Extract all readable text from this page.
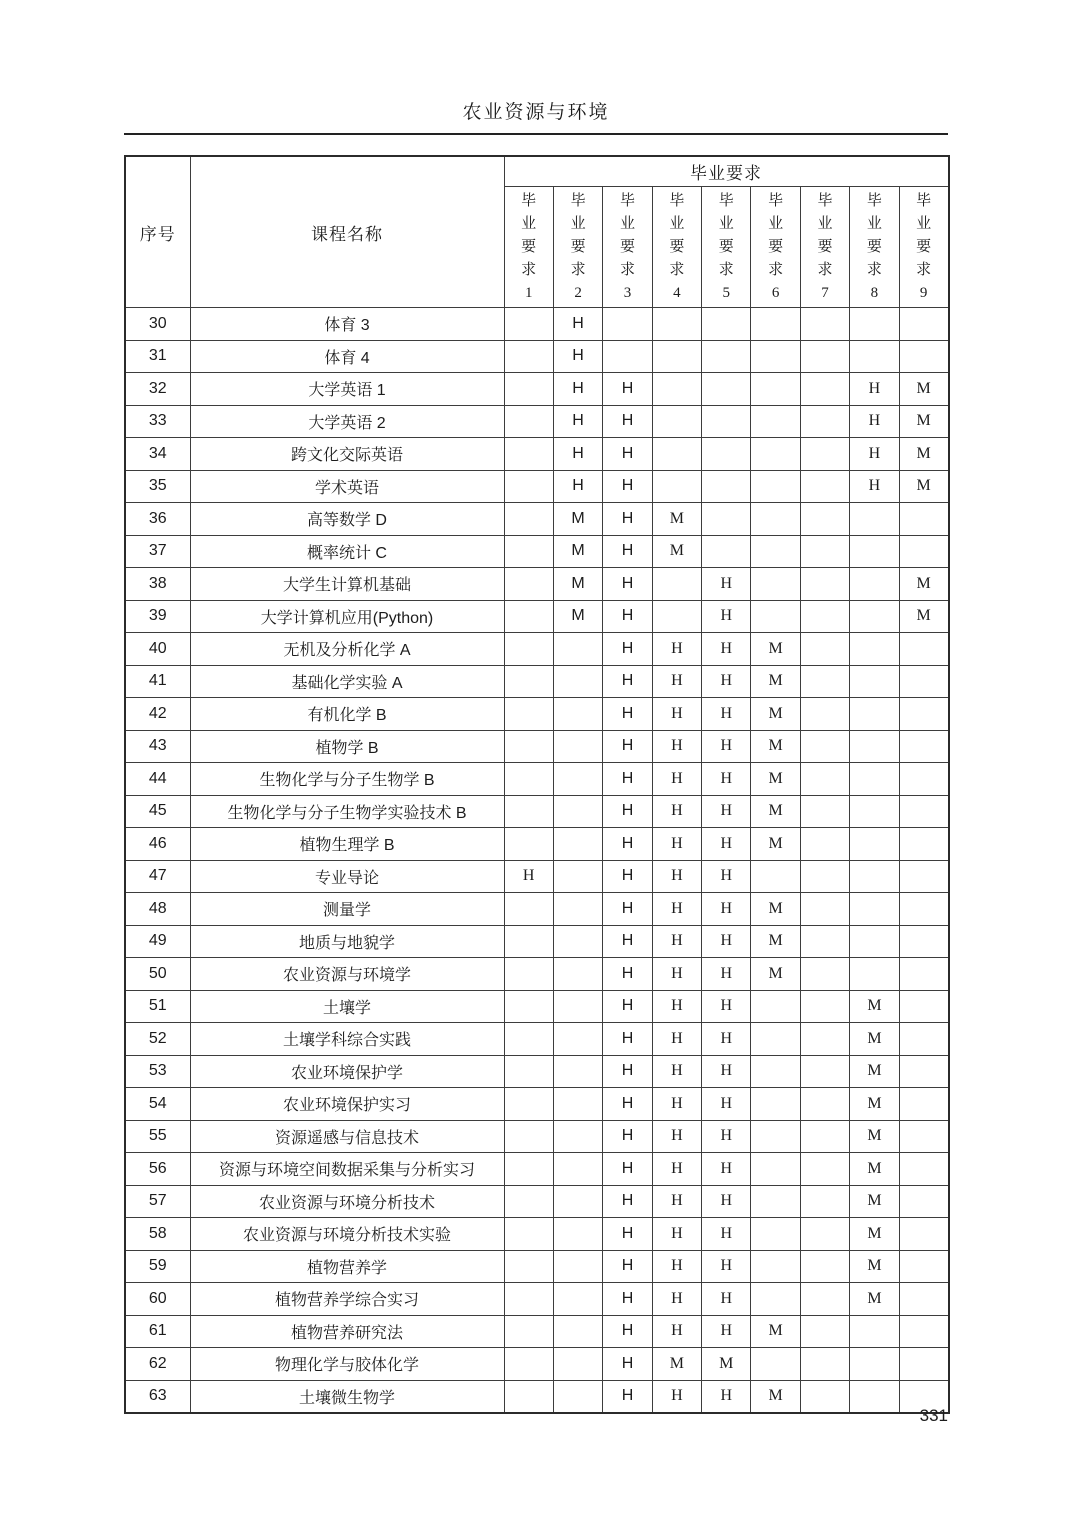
农业资源与环境
序号	课程名称	毕业要求								
		毕业要求1	毕业要求2	毕业要求3	毕业要求4	毕业要求5	毕业要求6	毕业要求7	毕业要求8	毕业要求9
30	体育 3		H							
31	体育 4		H							
32	大学英语 1		H	H					H	M
33	大学英语 2		H	H					H	M
34	跨文化交际英语		H	H					H	M
35	学术英语		H	H					H	M
36	高等数学 D		M	H	M					
37	概率统计 C		M	H	M					
38	大学生计算机基础		M	H		H				M
39	大学计算机应用(Python)		M	H		H				M
40	无机及分析化学 A			H	H	H	M			
41	基础化学实验 A			H	H	H	M			
42	有机化学 B			H	H	H	M			
43	植物学 B			H	H	H	M			
44	生物化学与分子生物学 B			H	H	H	M			
45	生物化学与分子生物学实验技术 B			H	H	H	M			
46	植物生理学 B			H	H	H	M			
47	专业导论	H		H	H	H				
48	测量学			H	H	H	M			
49	地质与地貌学			H	H	H	M			
50	农业资源与环境学			H	H	H	M			
51	土壤学			H	H	H			M	
52	土壤学科综合实践			H	H	H			M	
53	农业环境保护学			H	H	H			M	
54	农业环境保护实习			H	H	H			M	
55	资源遥感与信息技术			H	H	H			M	
56	资源与环境空间数据采集与分析实习			H	H	H			M	
57	农业资源与环境分析技术			H	H	H			M	
58	农业资源与环境分析技术实验			H	H	H			M	
59	植物营养学			H	H	H			M	
60	植物营养学综合实习			H	H	H			M	
61	植物营养研究法			H	H	H	M			
62	物理化学与胶体化学			H	M	M				
63	土壤微生物学			H	H	H	M			
331
